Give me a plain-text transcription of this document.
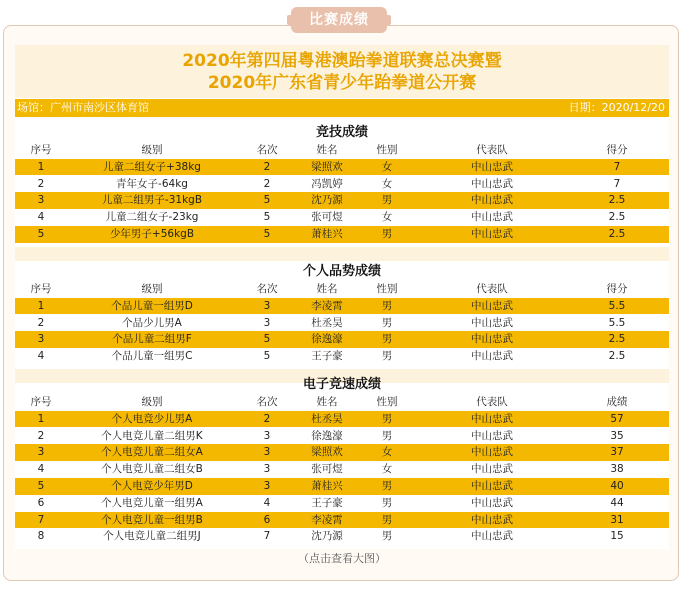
比赛成绩
2020年第四届粤港澳跆拳道联赛总决赛暨
2020年广东省青少年跆拳道公开赛
场馆：广州市南沙区体育馆	日期：2020/12/20
竞技成绩
序号	级别	名次	姓名	性别	代表队	得分
1	儿童二组女子+38kg	2	梁照欢	女	中山忠武	7
2	青年女子-64kg	2	冯凯婷	女	中山忠武	7
3	儿童二组男子-31kgB	5	沈乃源	男	中山忠武	2.5
4	儿童二组女子-23kg	5	张可煜	女	中山忠武	2.5
5	少年男子+56kgB	5	萧桂兴	男	中山忠武	2.5
个人品势成绩
序号	级别	名次	姓名	性别	代表队	得分
1	个品儿童一组男D	3	李凌霄	男	中山忠武	5.5
2	个品少儿男A	3	杜丞昊	男	中山忠武	5.5
3	个品儿童二组男F	5	徐逸濠	男	中山忠武	2.5
4	个品儿童一组男C	5	王子豪	男	中山忠武	2.5
电子竞速成绩
序号	级别	名次	姓名	性别	代表队	成绩
1	个人电竞少儿男A	2	杜丞昊	男	中山忠武	57
2	个人电竞儿童二组男K	3	徐逸濠	男	中山忠武	35
3	个人电竞儿童二组女A	3	梁照欢	女	中山忠武	37
4	个人电竞儿童二组女B	3	张可煜	女	中山忠武	38
5	个人电竞少年男D	3	萧桂兴	男	中山忠武	40
6	个人电竞儿童一组男A	4	王子豪	男	中山忠武	44
7	个人电竞儿童一组男B	6	李凌霄	男	中山忠武	31
8	个人电竞儿童二组男J	7	沈乃源	男	中山忠武	15
（点击查看大图）
